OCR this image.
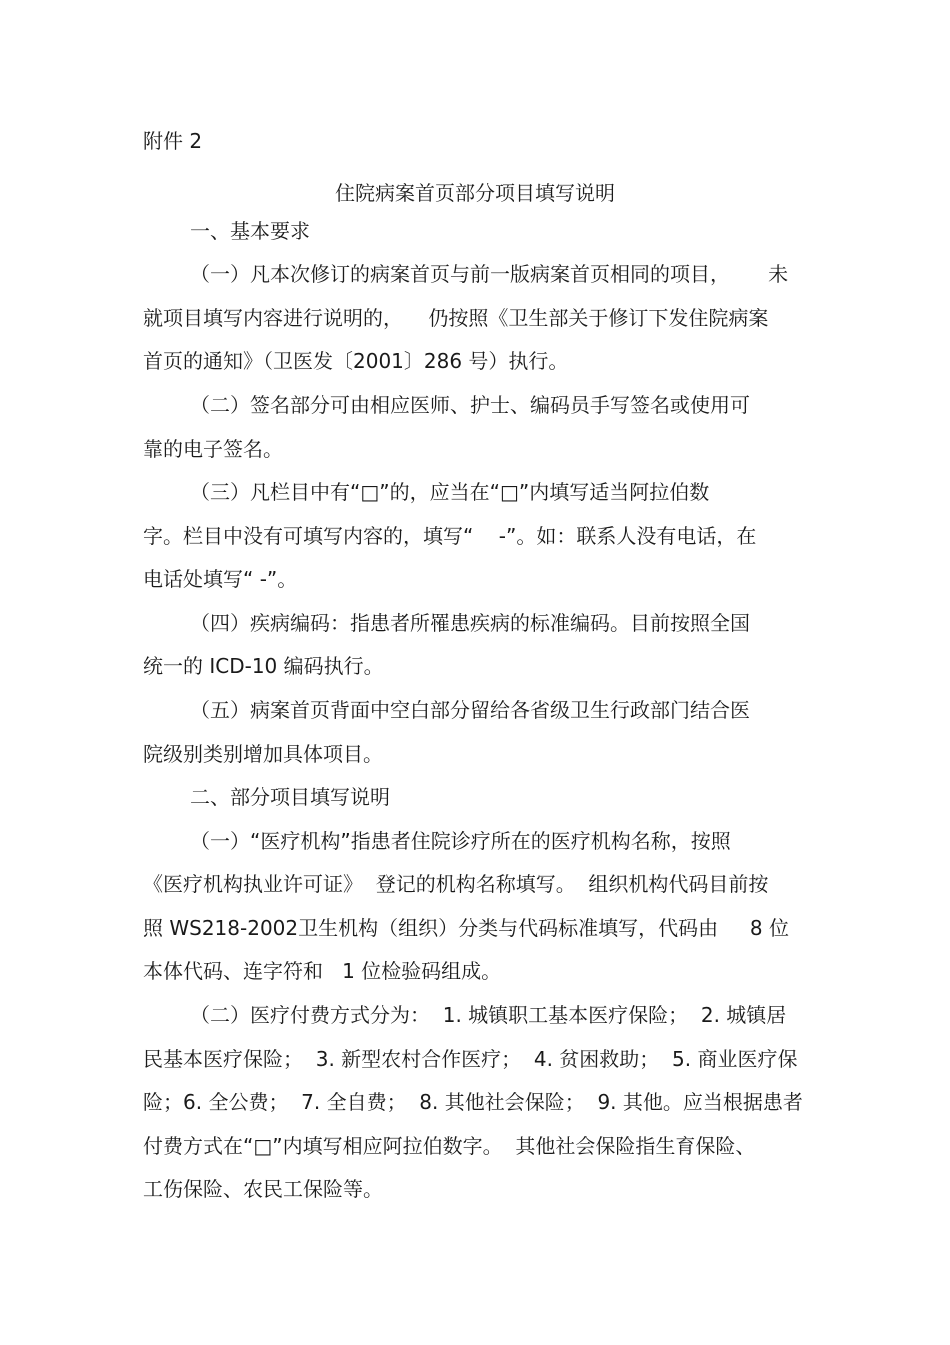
附件 2
住院病案首页部分项目填写说明
一、基本要求
（一）凡本次修订的病案首页与前一版病案首页相同的项目，      未
就项目填写内容进行说明的，    仍按照《卫生部关于修订下发住院病案
首页的通知》（卫医发〔2001〕286 号）执行。
（二）签名部分可由相应医师、护士、编码员手写签名或使用可
靠的电子签名。
（三）凡栏目中有“□”的，应当在“□”内填写适当阿拉伯数
字。栏目中没有可填写内容的，填写“    -”。如：联系人没有电话，在
电话处填写“ -”。
（四）疾病编码：指患者所罹患疾病的标准编码。目前按照全国
统一的 ICD-10 编码执行。
（五）病案首页背面中空白部分留给各省级卫生行政部门结合医
院级别类别增加具体项目。
二、部分项目填写说明
（一）“医疗机构”指患者住院诊疗所在的医疗机构名称，按照
《医疗机构执业许可证》  登记的机构名称填写。  组织机构代码目前按
照 WS218-2002卫生机构（组织）分类与代码标准填写，代码由     8 位
本体代码、连字符和   1 位检验码组成。
（二）医疗付费方式分为：  1. 城镇职工基本医疗保险；  2. 城镇居
民基本医疗保险；  3. 新型农村合作医疗；  4. 贫困救助；  5. 商业医疗保
险；6. 全公费；  7. 全自费；  8. 其他社会保险；  9. 其他。应当根据患者
付费方式在“□”内填写相应阿拉伯数字。  其他社会保险指生育保险、
工伤保险、农民工保险等。
